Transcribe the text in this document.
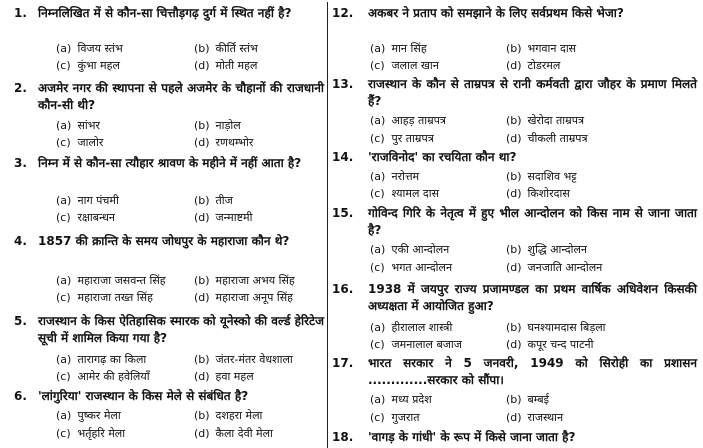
1. निम्नलिखित में से कौन-सा चित्तौड़गढ़ दुर्ग में स्थित नहीं है?
(a) विजय स्तंभ	(b) कीर्ति स्तंभ
(c) कुंभा महल	(d) मोती महल
2. अजमेर नगर की स्थापना से पहले अजमेर के चौहानों की राजधानी कौन-सी थी?
(a) सांभर	(b) नाड़ोल
(c) जालोर	(d) रणथम्भोर
3. निम्न में से कौन-सा त्यौहार श्रावण के महीने में नहीं आता है?
(a) नाग पंचमी	(b) तीज
(c) रक्षाबन्धन	(d) जन्माष्टमी
4. 1857 की क्रान्ति के समय जोधपुर के महाराजा कौन थे?
(a) महाराजा जसवन्त सिंह	(b) महाराजा अभय सिंह
(c) महाराजा तख्त सिंह	(d) महाराजा अनूप सिंह
5. राजस्थान के किस ऐतिहासिक स्मारक को यूनेस्को की वर्ल्ड हेरिटेज सूची में शामिल किया गया है?
(a) तारागढ़ का किला	(b) जंतर-मंतर वेधशाला
(c) आमेर की हवेलियाँ	(d) हवा महल
6. 'लांगुरिया' राजस्थान के किस मेले से संबंधित है?
(a) पुष्कर मेला	(b) दशहरा मेला
(c) भर्तृहरि मेला	(d) कैला देवी मेला
12. अकबर ने प्रताप को समझाने के लिए सर्वप्रथम किसे भेजा?
(a) मान सिंह	(b) भगवान दास
(c) जलाल खान	(d) टोडरमल
13. राजस्थान के कौन से ताम्रपत्र से रानी कर्मवती द्वारा जौहर के प्रमाण मिलते हैं?
(a) आहड़ ताम्रपत्र	(b) खेरोदा ताम्रपत्र
(c) पुर ताम्रपत्र	(d) चीकली ताम्रपत्र
14. 'राजविनोद' का रचयिता कौन था?
(a) नरोत्तम	(b) सदाशिव भट्ट
(c) श्यामल दास	(d) किशोरदास
15. गोविन्द गिरि के नेतृत्व में हुए भील आन्दोलन को किस नाम से जाना जाता है?
(a) एकी आन्दोलन	(b) शुद्धि आन्दोलन
(c) भगत आन्दोलन	(d) जनजाति आन्दोलन
16. 1938 में जयपुर राज्य प्रजामण्डल का प्रथम वार्षिक अधिवेशन किसकी अध्यक्षता में आयोजित हुआ?
(a) हीरालाल शास्त्री	(b) घनश्यामदास बिड़ला
(c) जमनालाल बजाज	(d) कपूर चन्द पाटनी
17. भारत सरकार ने 5 जनवरी, 1949 को सिरोही का प्रशासन .............सरकार को सौंपा।
(a) मध्य प्रदेश	(b) बम्बई
(c) गुजरात	(d) राजस्थान
18. 'वागड़ के गांधी' के रूप में किसे जाना जाता है?
